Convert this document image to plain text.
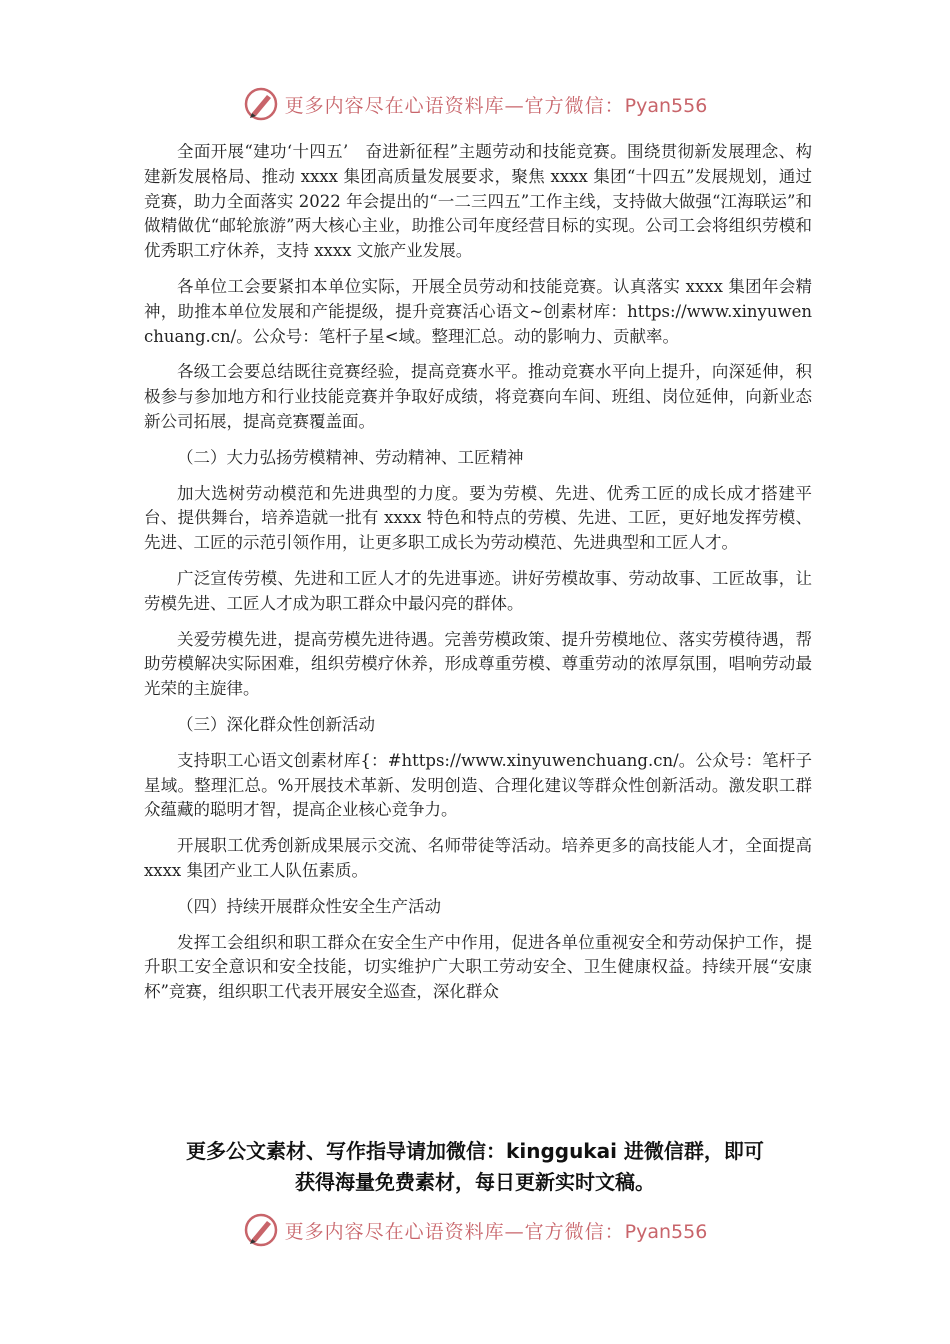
更多内容尽在心语资料库—官方微信：Pyan556

全面开展“建功‘十四五’　奋进新征程”主题劳动和技能竞赛。围绕贯彻新发展理念、构建新发展格局、推动 xxxx 集团高质量发展要求，聚焦 xxxx 集团“十四五”发展规划，通过竞赛，助力全面落实 2022 年会提出的“一二三四五”工作主线，支持做大做强“江海联运”和做精做优“邮轮旅游”两大核心主业，助推公司年度经营目标的实现。公司工会将组织劳模和优秀职工疗休养，支持 xxxx 文旅产业发展。

各单位工会要紧扣本单位实际，开展全员劳动和技能竞赛。认真落实 xxxx 集团年会精神，助推本单位发展和产能提级，提升竞赛活心语文~创素材库：https://www.xinyuwenchuang.cn/。公众号：笔杆子星<域。整理汇总。动的影响力、贡献率。

各级工会要总结既往竞赛经验，提高竞赛水平。推动竞赛水平向上提升，向深延伸，积极参与参加地方和行业技能竞赛并争取好成绩，将竞赛向车间、班组、岗位延伸，向新业态新公司拓展，提高竞赛覆盖面。

（二）大力弘扬劳模精神、劳动精神、工匠精神

加大选树劳动模范和先进典型的力度。要为劳模、先进、优秀工匠的成长成才搭建平台、提供舞台，培养造就一批有 xxxx 特色和特点的劳模、先进、工匠，更好地发挥劳模、先进、工匠的示范引领作用，让更多职工成长为劳动模范、先进典型和工匠人才。

广泛宣传劳模、先进和工匠人才的先进事迹。讲好劳模故事、劳动故事、工匠故事，让劳模先进、工匠人才成为职工群众中最闪亮的群体。

关爱劳模先进，提高劳模先进待遇。完善劳模政策、提升劳模地位、落实劳模待遇，帮助劳模解决实际困难，组织劳模疗休养，形成尊重劳模、尊重劳动的浓厚氛围，唱响劳动最光荣的主旋律。

（三）深化群众性创新活动

支持职工心语文创素材库{：#https://www.xinyuwenchuang.cn/。公众号：笔杆子星域。整理汇总。%开展技术革新、发明创造、合理化建议等群众性创新活动。激发职工群众蕴藏的聪明才智，提高企业核心竞争力。

开展职工优秀创新成果展示交流、名师带徒等活动。培养更多的高技能人才，全面提高 xxxx 集团产业工人队伍素质。

（四）持续开展群众性安全生产活动

发挥工会组织和职工群众在安全生产中作用，促进各单位重视安全和劳动保护工作，提升职工安全意识和安全技能，切实维护广大职工劳动安全、卫生健康权益。持续开展“安康杯”竞赛，组织职工代表开展安全巡查，深化群众

更多公文素材、写作指导请加微信：kinggukai 进微信群，即可
获得海量免费素材，每日更新实时文稿。
更多内容尽在心语资料库—官方微信：Pyan556
